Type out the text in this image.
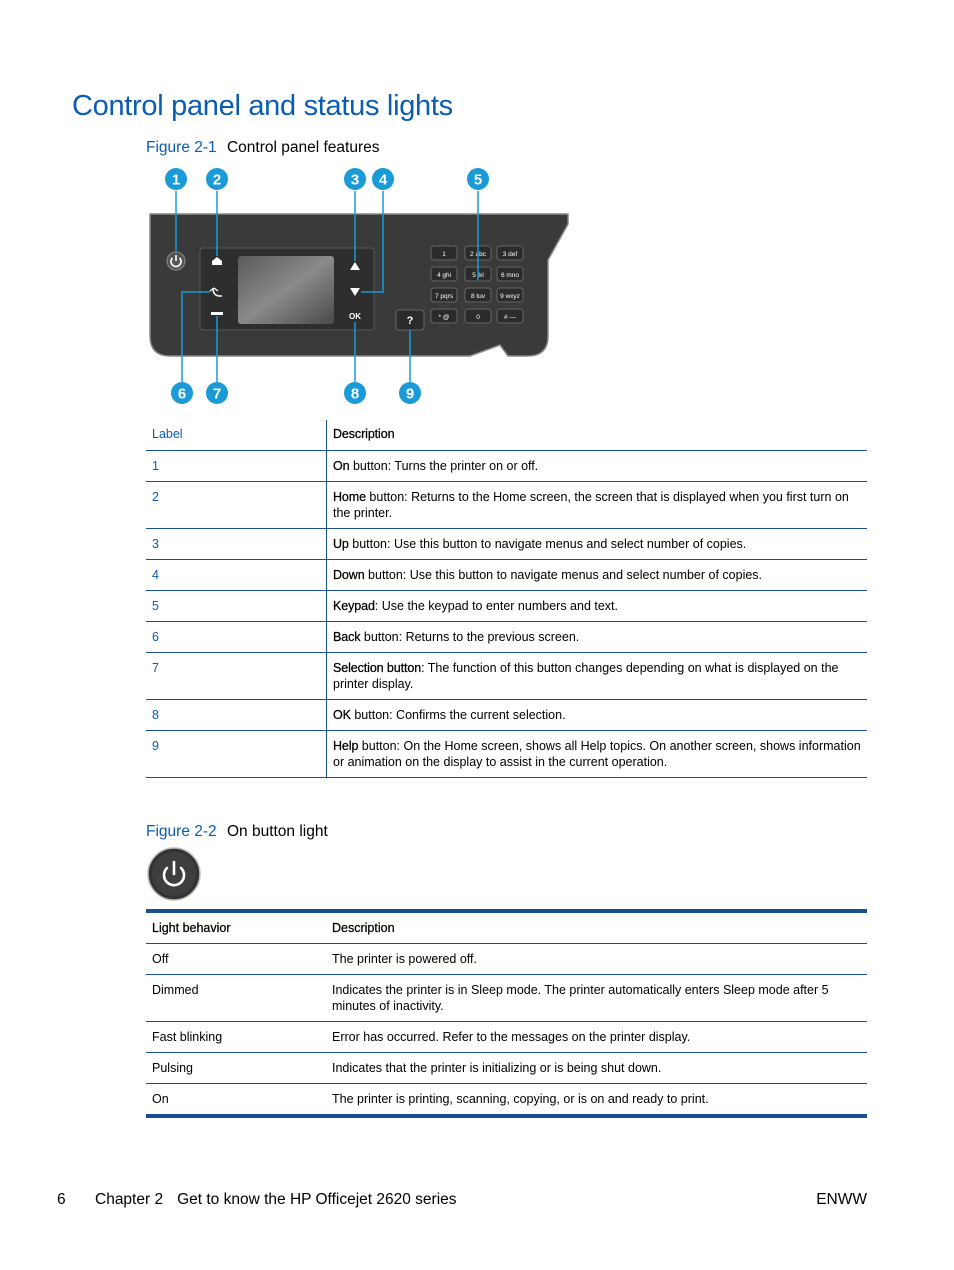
Control panel and status lights
Figure 2-1 Control panel features
OK	?
1	2 abc	3 def
4 ghi	5 jkl	6 mno
7 pqrs	8 tuv 9 wxyz
* @	0	# —
1 2	3 4	5
6 7	8	9
Label	Description
1	On button: Turns the printer on or off.
2	Home button: Returns to the Home screen, the screen that is displayed when you first turn on the printer.
3	Up button: Use this button to navigate menus and select number of copies.
4	Down button: Use this button to navigate menus and select number of copies.
5	Keypad: Use the keypad to enter numbers and text.
6	Back button: Returns to the previous screen.
7	Selection button: The function of this button changes depending on what is displayed on the printer display.
8	OK button: Confirms the current selection.
9	Help button: On the Home screen, shows all Help topics. On another screen, shows information or animation on the display to assist in the current operation.
Figure 2-2 On button light
Light behavior	Description
Off	The printer is powered off.
Dimmed	Indicates the printer is in Sleep mode. The printer automatically enters Sleep mode after 5 minutes of inactivity.
Fast blinking	Error has occurred. Refer to the messages on the printer display.
Pulsing	Indicates that the printer is initializing or is being shut down.
On	The printer is printing, scanning, copying, or is on and ready to print.
6 Chapter 2 Get to know the HP Officejet 2620 series	ENWW
